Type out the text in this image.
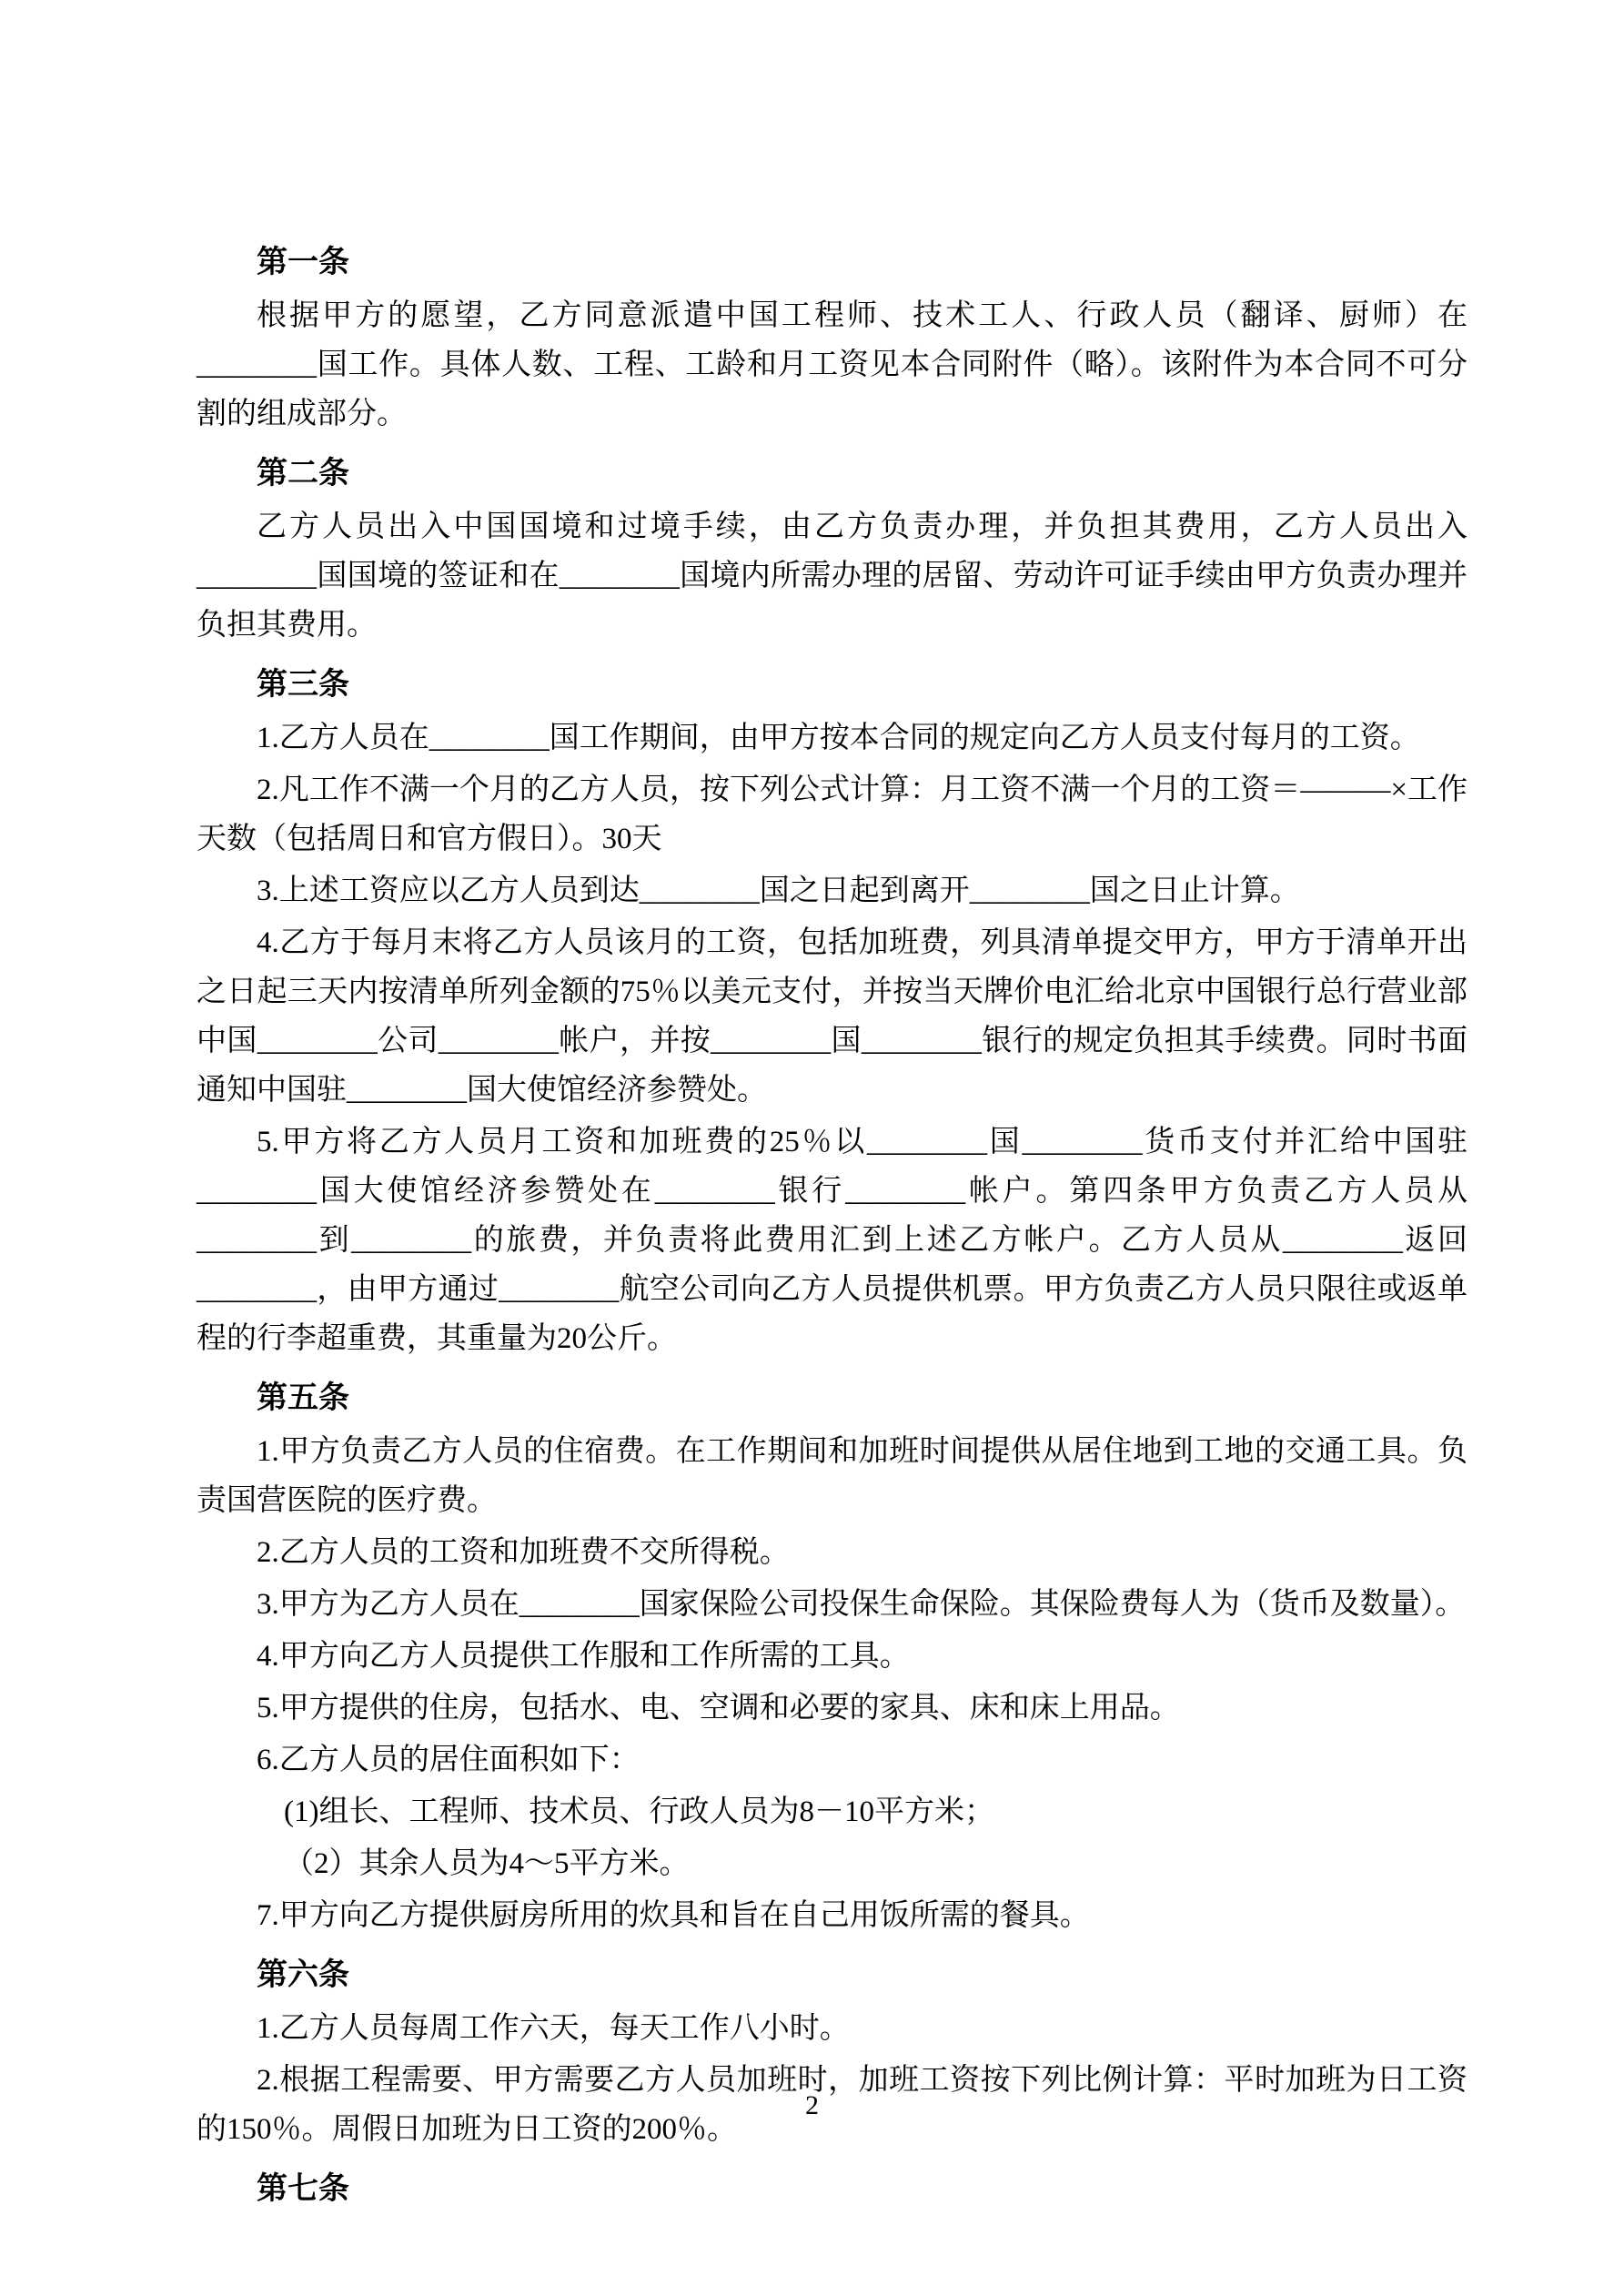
第一条

根据甲方的愿望，乙方同意派遣中国工程师、技术工人、行政人员（翻译、厨师）在________国工作。具体人数、工程、工龄和月工资见本合同附件（略）。该附件为本合同不可分割的组成部分。

第二条

乙方人员出入中国国境和过境手续，由乙方负责办理，并负担其费用，乙方人员出入________国国境的签证和在________国境内所需办理的居留、劳动许可证手续由甲方负责办理并负担其费用。

第三条

1.乙方人员在________国工作期间，由甲方按本合同的规定向乙方人员支付每月的工资。

2.凡工作不满一个月的乙方人员，按下列公式计算：月工资不满一个月的工资＝———×工作天数（包括周日和官方假日）。30天

3.上述工资应以乙方人员到达________国之日起到离开________国之日止计算。

4.乙方于每月末将乙方人员该月的工资，包括加班费，列具清单提交甲方，甲方于清单开出之日起三天内按清单所列金额的75％以美元支付，并按当天牌价电汇给北京中国银行总行营业部中国________公司________帐户，并按________国________银行的规定负担其手续费。同时书面通知中国驻________国大使馆经济参赞处。

5.甲方将乙方人员月工资和加班费的25％以________国________货币支付并汇给中国驻________国大使馆经济参赞处在________银行________帐户。第四条甲方负责乙方人员从________到________的旅费，并负责将此费用汇到上述乙方帐户。乙方人员从________返回________，由甲方通过________航空公司向乙方人员提供机票。甲方负责乙方人员只限往或返单程的行李超重费，其重量为20公斤。

第五条

1.甲方负责乙方人员的住宿费。在工作期间和加班时间提供从居住地到工地的交通工具。负责国营医院的医疗费。

2.乙方人员的工资和加班费不交所得税。

3.甲方为乙方人员在________国家保险公司投保生命保险。其保险费每人为（货币及数量）。

4.甲方向乙方人员提供工作服和工作所需的工具。

5.甲方提供的住房，包括水、电、空调和必要的家具、床和床上用品。

6.乙方人员的居住面积如下：

(1)组长、工程师、技术员、行政人员为8－10平方米；

（2）其余人员为4～5平方米。

7.甲方向乙方提供厨房所用的炊具和旨在自己用饭所需的餐具。

第六条

1.乙方人员每周工作六天，每天工作八小时。

2.根据工程需要、甲方需要乙方人员加班时，加班工资按下列比例计算：平时加班为日工资的150％。周假日加班为日工资的200％。

第七条
2
